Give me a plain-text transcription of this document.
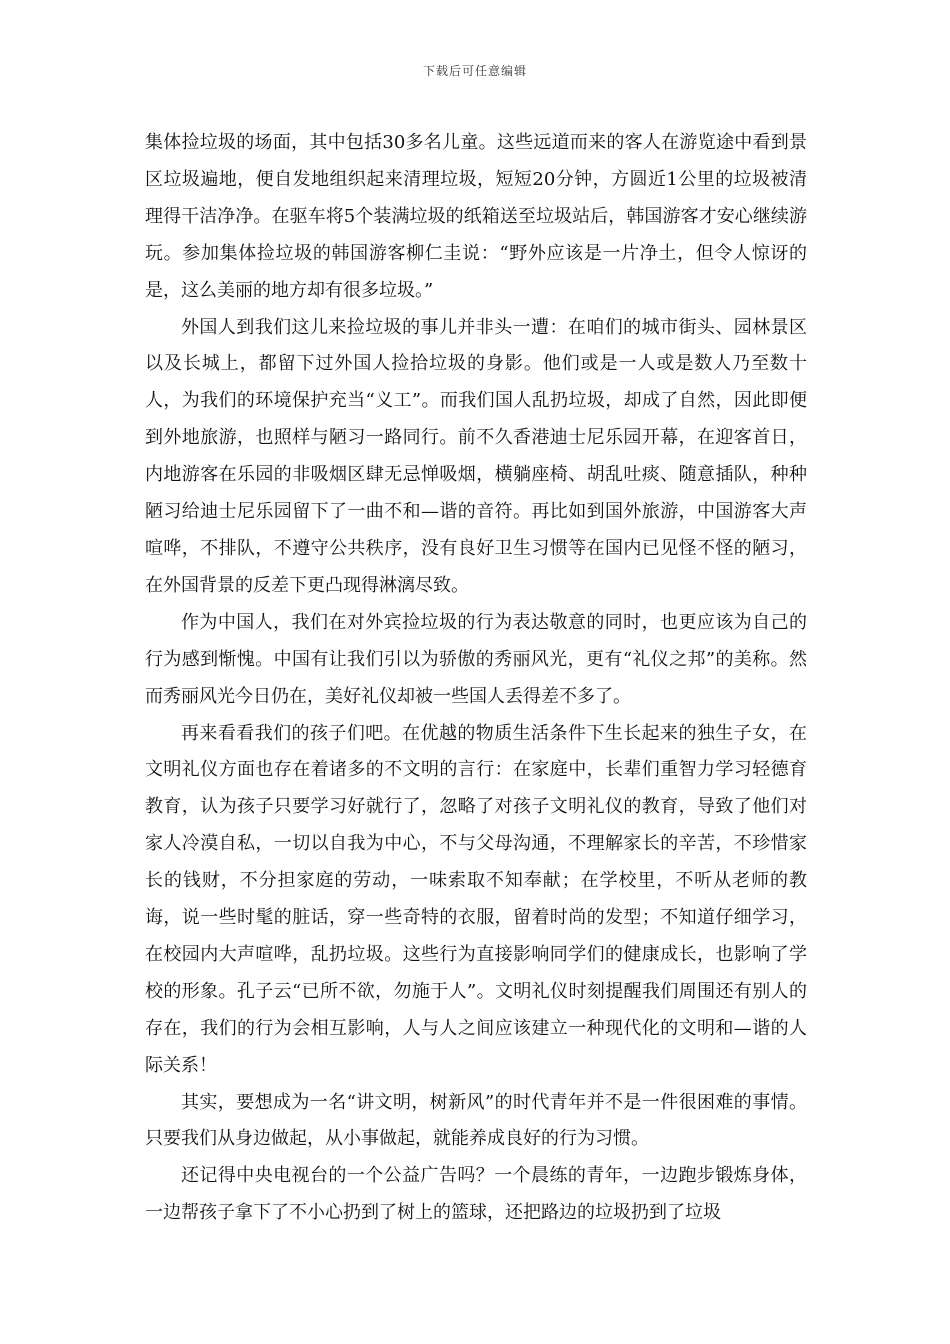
下载后可任意编辑

集体捡垃圾的场面，其中包括30多名儿童。这些远道而来的客人在游览途中看到景区垃圾遍地，便自发地组织起来清理垃圾，短短20分钟，方圆近1公里的垃圾被清理得干洁净净。在驱车将5个装满垃圾的纸箱送至垃圾站后，韩国游客才安心继续游玩。参加集体捡垃圾的韩国游客柳仁圭说：“野外应该是一片净土，但令人惊讶的是，这么美丽的地方却有很多垃圾。”

外国人到我们这儿来捡垃圾的事儿并非头一遭：在咱们的城市街头、园林景区以及长城上，都留下过外国人捡拾垃圾的身影。他们或是一人或是数人乃至数十人，为我们的环境保护充当“义工”。而我们国人乱扔垃圾，却成了自然，因此即便到外地旅游，也照样与陋习一路同行。前不久香港迪士尼乐园开幕，在迎客首日，内地游客在乐园的非吸烟区肆无忌惮吸烟，横躺座椅、胡乱吐痰、随意插队，种种陋习给迪士尼乐园留下了一曲不和—谐的音符。再比如到国外旅游，中国游客大声喧哗，不排队，不遵守公共秩序，没有良好卫生习惯等在国内已见怪不怪的陋习，在外国背景的反差下更凸现得淋漓尽致。

作为中国人，我们在对外宾捡垃圾的行为表达敬意的同时，也更应该为自己的行为感到惭愧。中国有让我们引以为骄傲的秀丽风光，更有“礼仪之邦”的美称。然而秀丽风光今日仍在，美好礼仪却被一些国人丢得差不多了。

再来看看我们的孩子们吧。在优越的物质生活条件下生长起来的独生子女，在文明礼仪方面也存在着诸多的不文明的言行：在家庭中，长辈们重智力学习轻德育教育，认为孩子只要学习好就行了，忽略了对孩子文明礼仪的教育，导致了他们对家人冷漠自私，一切以自我为中心，不与父母沟通，不理解家长的辛苦，不珍惜家长的钱财，不分担家庭的劳动，一味索取不知奉献；在学校里，不听从老师的教诲，说一些时髦的脏话，穿一些奇特的衣服，留着时尚的发型；不知道仔细学习，在校园内大声喧哗，乱扔垃圾。这些行为直接影响同学们的健康成长，也影响了学校的形象。孔子云“已所不欲，勿施于人”。文明礼仪时刻提醒我们周围还有别人的存在，我们的行为会相互影响，人与人之间应该建立一种现代化的文明和—谐的人际关系！

其实，要想成为一名“讲文明，树新风”的时代青年并不是一件很困难的事情。只要我们从身边做起，从小事做起，就能养成良好的行为习惯。

还记得中央电视台的一个公益广告吗？一个晨练的青年，一边跑步锻炼身体，一边帮孩子拿下了不小心扔到了树上的篮球，还把路边的垃圾扔到了垃圾
